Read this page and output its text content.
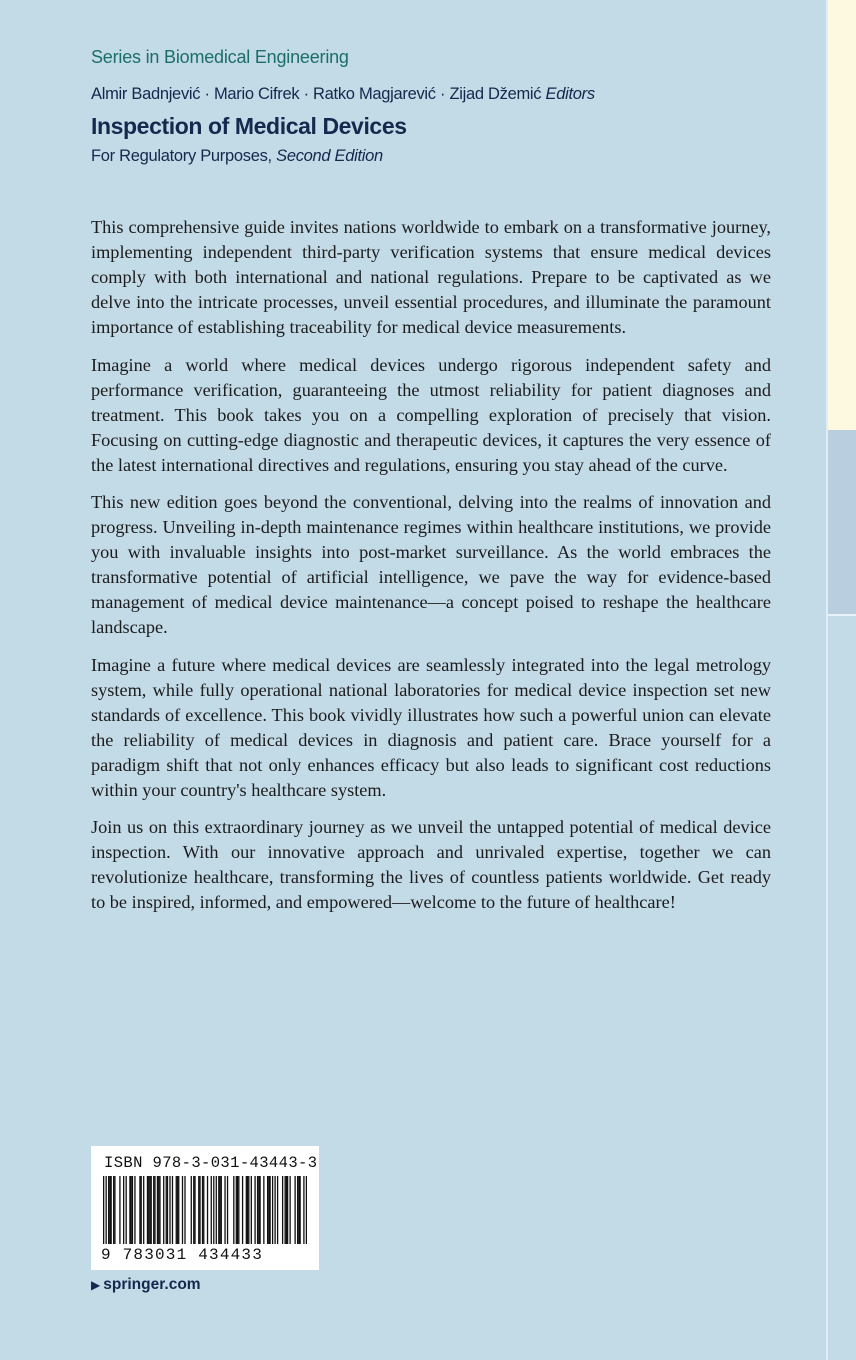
Series in Biomedical Engineering
Almir Badnjević · Mario Cifrek · Ratko Magjarević · Zijad Džemić Editors
Inspection of Medical Devices
For Regulatory Purposes, Second Edition

This comprehensive guide invites nations worldwide to embark on a transformative journey, implementing independent third-party verification systems that ensure medical devices comply with both international and national regulations. Prepare to be captivated as we delve into the intricate processes, unveil essential procedures, and illuminate the paramount importance of establishing traceability for medical device measurements.

Imagine a world where medical devices undergo rigorous independent safety and performance verification, guaranteeing the utmost reliability for patient diagnoses and treatment. This book takes you on a compelling exploration of precisely that vision. Focusing on cutting-edge diagnostic and therapeutic devices, it captures the very essence of the latest international directives and regulations, ensuring you stay ahead of the curve.

This new edition goes beyond the conventional, delving into the realms of innovation and progress. Unveiling in-depth maintenance regimes within healthcare institutions, we provide you with invaluable insights into post-market surveillance. As the world embraces the transformative potential of artificial intelligence, we pave the way for evidence-based management of medical device maintenance—a concept poised to reshape the healthcare landscape.

Imagine a future where medical devices are seamlessly integrated into the legal metrology system, while fully operational national laboratories for medical device inspection set new standards of excellence. This book vividly illustrates how such a powerful union can elevate the reliability of medical devices in diagnosis and patient care. Brace yourself for a paradigm shift that not only enhances efficacy but also leads to significant cost reductions within your country's healthcare system.

Join us on this extraordinary journey as we unveil the untapped potential of medical device inspection. With our innovative approach and unrivaled expertise, together we can revolutionize healthcare, transforming the lives of countless patients worldwide. Get ready to be inspired, informed, and empowered—welcome to the future of healthcare!

ISBN 978-3-031-43443-3
9 783031 434433
▶ springer.com
